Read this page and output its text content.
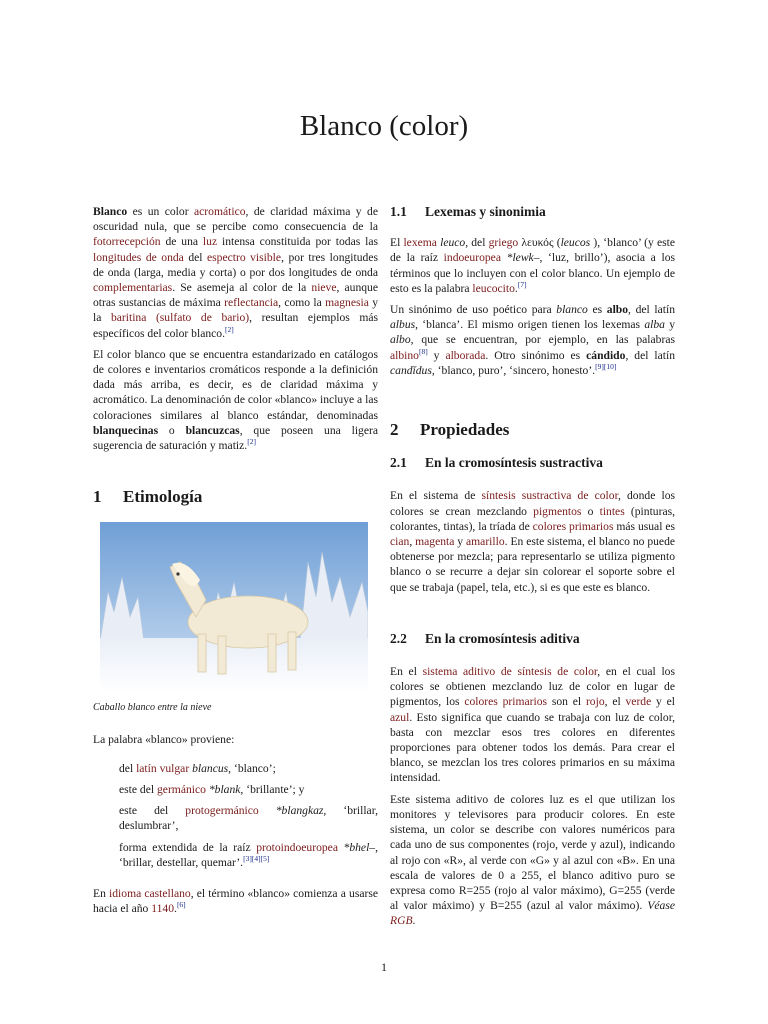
Blanco (color)

Blanco es un color acromático, de claridad máxima y de oscuridad nula, que se percibe como consecuencia de la fotorrecepción de una luz intensa constituida por todas las longitudes de onda del espectro visible, por tres longitudes de onda (larga, media y corta) o por dos longitudes de onda complementarias. Se asemeja al color de la nieve, aunque otras sustancias de máxima reflectancia, como la magnesia y la baritina (sulfato de bario), resultan ejemplos más específicos del color blanco.[2]

El color blanco que se encuentra estandarizado en catálogos de colores e inventarios cromáticos responde a la definición dada más arriba, es decir, es de claridad máxima y acromático. La denominación de color «blanco» incluye a las coloraciones similares al blanco estándar, denominadas blanquecinas o blancuzcas, que poseen una ligera sugerencia de saturación y matiz.[2]

1 Etimología
Caballo blanco entre la nieve

La palabra «blanco» proviene:

del latín vulgar blancus, ‘blanco’;

este del germánico *blank, ‘brillante’; y

este del protogermánico *blangkaz, ‘brillar, deslumbrar’,

forma extendida de la raíz protoindoeuropea *bhel–, ‘brillar, destellar, quemar’.[3][4][5]

En idioma castellano, el término «blanco» comienza a usarse hacia el año 1140.[6]

1.1 Lexemas y sinonimia

El lexema leuco, del griego λευκός (leucos ), ‘blanco’ (y este de la raíz indoeuropea *lewk–, ‘luz, brillo’), asocia a los términos que lo incluyen con el color blanco. Un ejemplo de esto es la palabra leucocito.[7]

Un sinónimo de uso poético para blanco es albo, del latín albus, ‘blanca’. El mismo origen tienen los lexemas alba y albo, que se encuentran, por ejemplo, en las palabras albino[8] y alborada. Otro sinónimo es cándido, del latín candĭdus, ‘blanco, puro’, ‘sincero, honesto’.[9][10]

2 Propiedades
2.1 En la cromosíntesis sustractiva

En el sistema de síntesis sustractiva de color, donde los colores se crean mezclando pigmentos o tintes (pinturas, colorantes, tintas), la tríada de colores primarios más usual es cian, magenta y amarillo. En este sistema, el blanco no puede obtenerse por mezcla; para representarlo se utiliza pigmento blanco o se recurre a dejar sin colorear el soporte sobre el que se trabaja (papel, tela, etc.), si es que este es blanco.

2.2 En la cromosíntesis aditiva

En el sistema aditivo de síntesis de color, en el cual los colores se obtienen mezclando luz de color en lugar de pigmentos, los colores primarios son el rojo, el verde y el azul. Esto significa que cuando se trabaja con luz de color, basta con mezclar esos tres colores en diferentes proporciones para obtener todos los demás. Para crear el blanco, se mezclan los tres colores primarios en su máxima intensidad.

Este sistema aditivo de colores luz es el que utilizan los monitores y televisores para producir colores. En este sistema, un color se describe con valores numéricos para cada uno de sus componentes (rojo, verde y azul), indicando al rojo con «R», al verde con «G» y al azul con «B». En una escala de valores de 0 a 255, el blanco aditivo puro se expresa como R=255 (rojo al valor máximo), G=255 (verde al valor máximo) y B=255 (azul al valor máximo). Véase RGB.

1
